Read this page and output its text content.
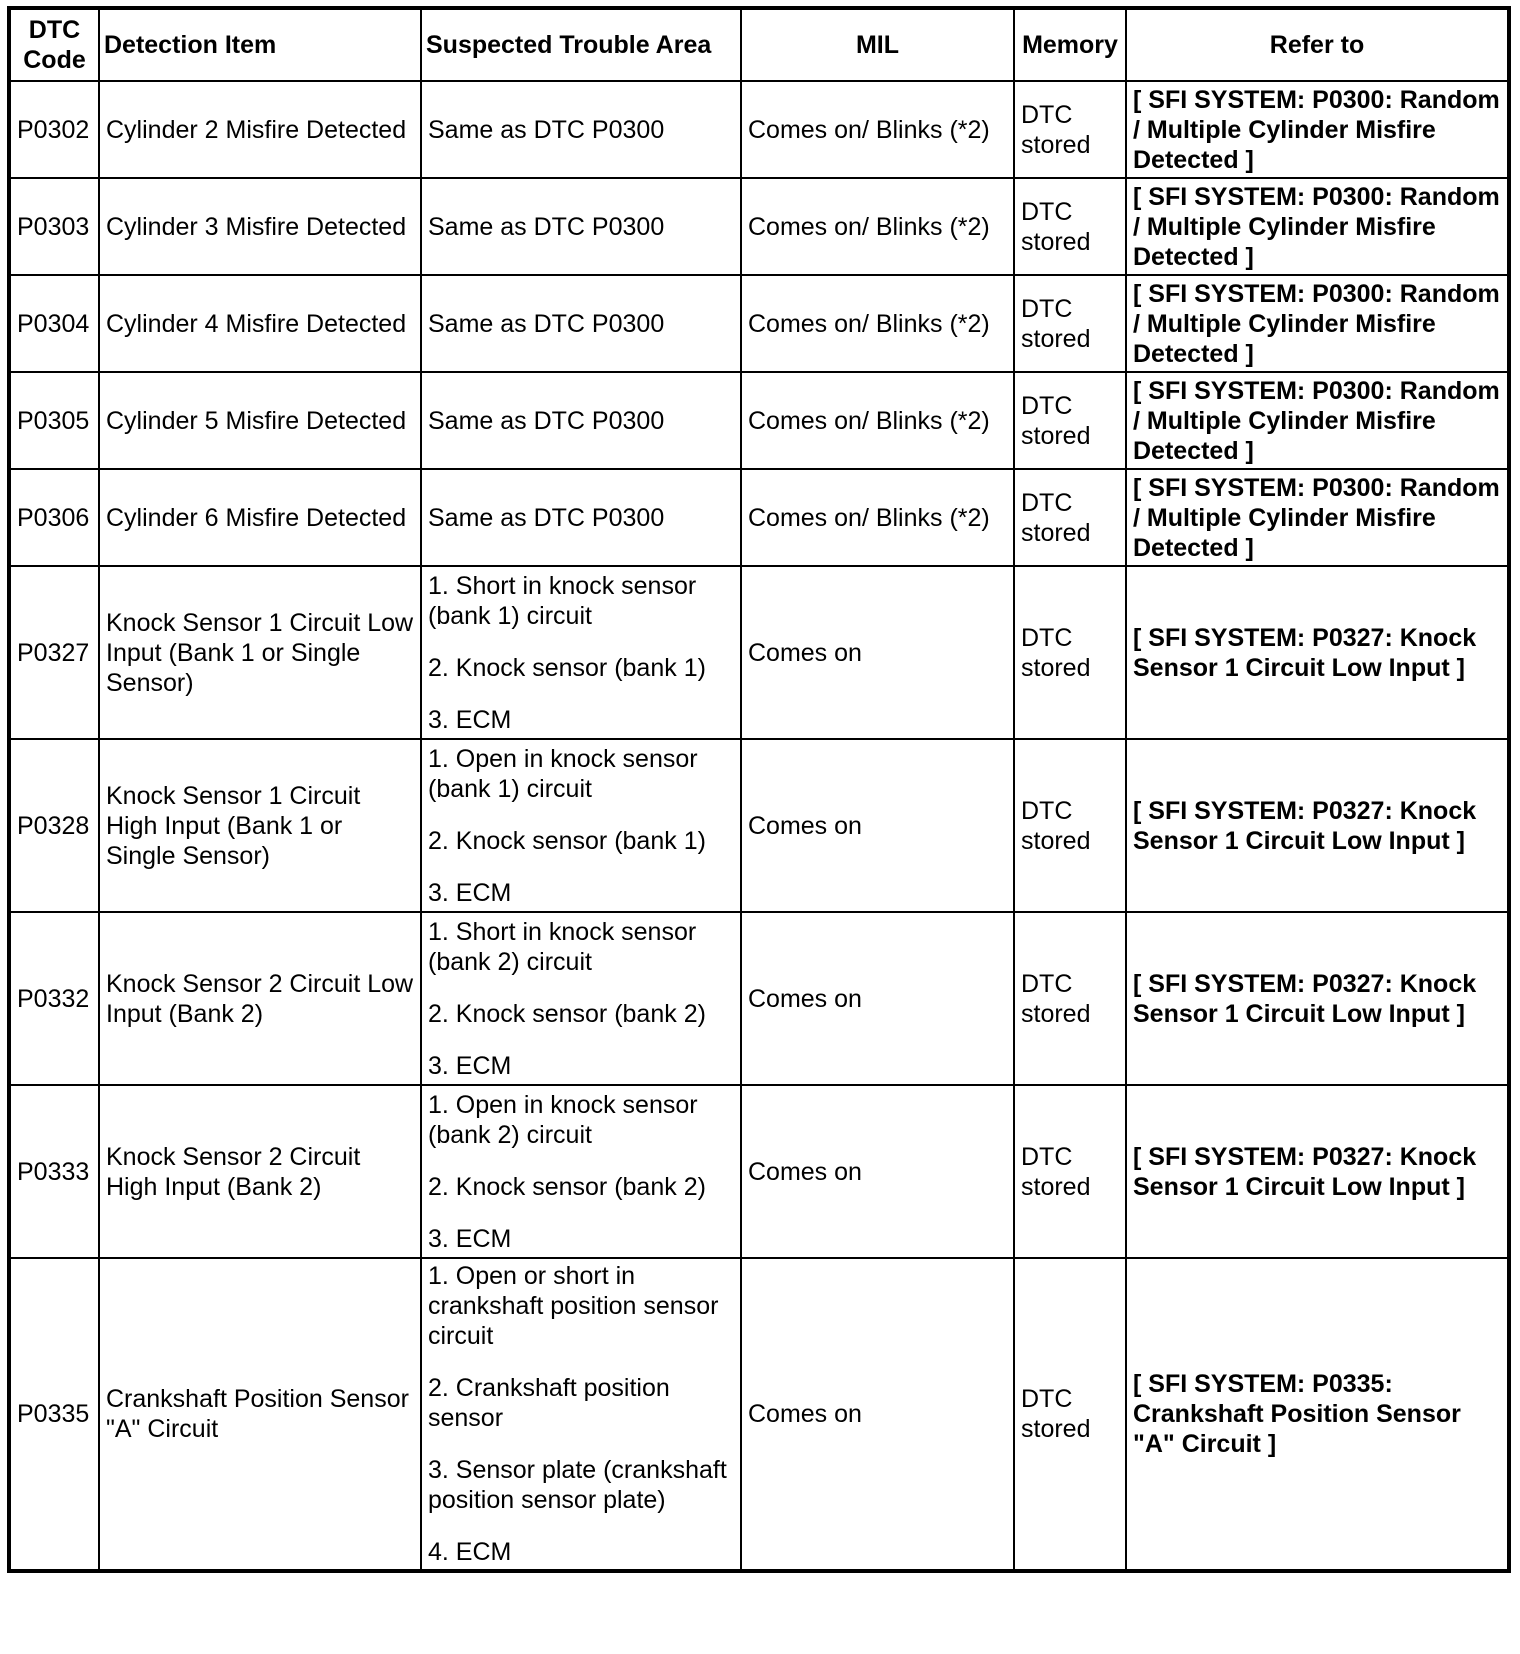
DTC
Code	Detection Item	Suspected Trouble Area	MIL	Memory	Refer to
P0302	Cylinder 2 Misfire Detected	Same as DTC P0300	Comes on/ Blinks (*2)	DTC stored	[ SFI SYSTEM: P0300: Random / Multiple Cylinder Misfire Detected ]
P0303	Cylinder 3 Misfire Detected	Same as DTC P0300	Comes on/ Blinks (*2)	DTC stored	[ SFI SYSTEM: P0300: Random / Multiple Cylinder Misfire Detected ]
P0304	Cylinder 4 Misfire Detected	Same as DTC P0300	Comes on/ Blinks (*2)	DTC stored	[ SFI SYSTEM: P0300: Random / Multiple Cylinder Misfire Detected ]
P0305	Cylinder 5 Misfire Detected	Same as DTC P0300	Comes on/ Blinks (*2)	DTC stored	[ SFI SYSTEM: P0300: Random / Multiple Cylinder Misfire Detected ]
P0306	Cylinder 6 Misfire Detected	Same as DTC P0300	Comes on/ Blinks (*2)	DTC stored	[ SFI SYSTEM: P0300: Random / Multiple Cylinder Misfire Detected ]
P0327	Knock Sensor 1 Circuit Low Input (Bank 1 or Single Sensor)	1. Short in knock sensor (bank 1) circuit
2. Knock sensor (bank 1)
3. ECM	Comes on	DTC stored	[ SFI SYSTEM: P0327: Knock Sensor 1 Circuit Low Input ]
P0328	Knock Sensor 1 Circuit High Input (Bank 1 or Single Sensor)	1. Open in knock sensor (bank 1) circuit
2. Knock sensor (bank 1)
3. ECM	Comes on	DTC stored	[ SFI SYSTEM: P0327: Knock Sensor 1 Circuit Low Input ]
P0332	Knock Sensor 2 Circuit Low Input (Bank 2)	1. Short in knock sensor (bank 2) circuit
2. Knock sensor (bank 2)
3. ECM	Comes on	DTC stored	[ SFI SYSTEM: P0327: Knock Sensor 1 Circuit Low Input ]
P0333	Knock Sensor 2 Circuit High Input (Bank 2)	1. Open in knock sensor (bank 2) circuit
2. Knock sensor (bank 2)
3. ECM	Comes on	DTC stored	[ SFI SYSTEM: P0327: Knock Sensor 1 Circuit Low Input ]
P0335	Crankshaft Position Sensor "A" Circuit	1. Open or short in crankshaft position sensor circuit
2. Crankshaft position sensor
3. Sensor plate (crankshaft position sensor plate)
4. ECM	Comes on	DTC stored	[ SFI SYSTEM: P0335: Crankshaft Position Sensor "A" Circuit ]
